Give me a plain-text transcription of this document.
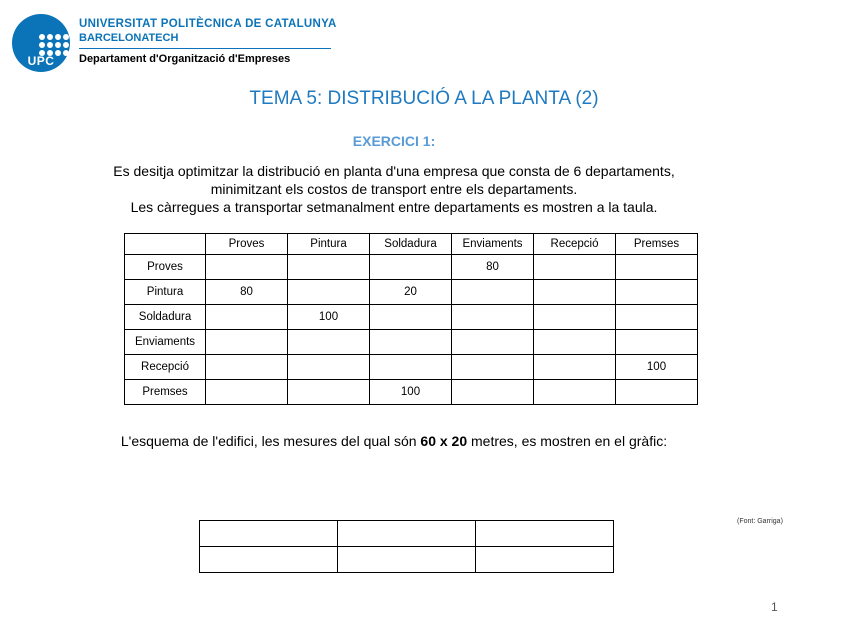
UPC
UNIVERSITAT POLITÈCNICA DE CATALUNYA
BARCELONATECH
Departament d'Organització d'Empreses
TEMA 5: DISTRIBUCIÓ A LA PLANTA (2)
EXERCICI 1:
Es desitja optimitzar la distribució en planta d'una empresa que consta de 6 departaments,
minimitzant els costos de transport entre els departaments.
Les càrregues a transportar setmanalment entre departaments es mostren a la taula.
	Proves	Pintura	Soldadura	Enviaments	Recepció	Premses
Proves				80		
Pintura	80		20			
Soldadura		100				
Enviaments						
Recepció						100
Premses			100			
L'esquema de l'edifici, les mesures del qual són 60 x 20 metres, es mostren en el gràfic:
(Font: Garriga)

1
